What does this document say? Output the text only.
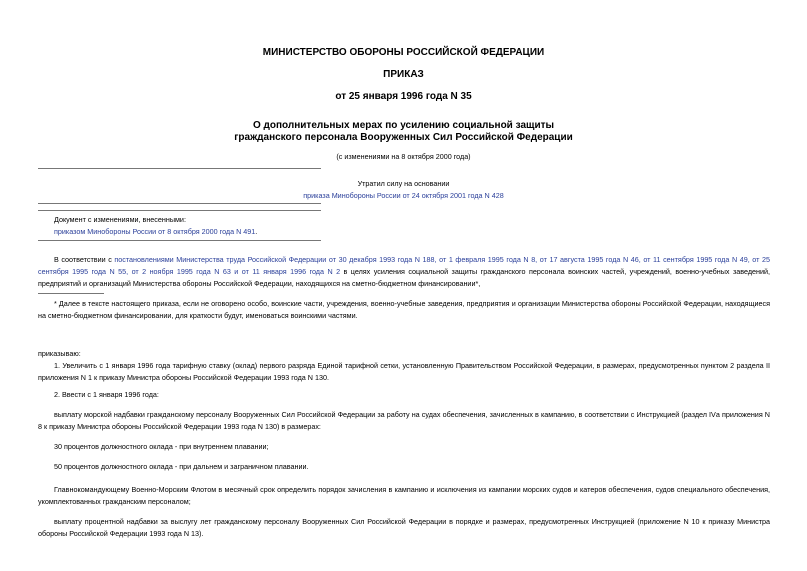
МИНИСТЕРСТВО ОБОРОНЫ РОССИЙСКОЙ ФЕДЕРАЦИИ
ПРИКАЗ
от 25 января 1996 года N 35
О дополнительных мерах по усилению социальной защиты
гражданского персонала Вооруженных Сил Российской Федерации
(с изменениями на 8 октября 2000 года)
Утратил силу на основании
приказа Минобороны России от 24 октября 2001 года N 428
Документ с изменениями, внесенными:
приказом Минобороны России от 8 октября 2000 года N 491.
В соответствии с постановлениями Министерства труда Российской Федерации от 30 декабря 1993 года N 188, от 1 февраля 1995 года N 8, от 17 августа 1995 года N 46, от 11 сентября 1995 года N 49, от 25 сентября 1995 года N 55, от 2 ноября 1995 года N 63 и от 11 января 1996 года N 2 в целях усиления социальной защиты гражданского персонала воинских частей, учреждений, военно-учебных заведений, предприятий и организаций Министерства обороны Российской Федерации, находящихся на сметно-бюджетном финансировании*,
* Далее в тексте настоящего приказа, если не оговорено особо, воинские части, учреждения, военно-учебные заведения, предприятия и организации Министерства обороны Российской Федерации, находящиеся на сметно-бюджетном финансировании, для краткости будут, именоваться воинскими частями.
приказываю:
1. Увеличить с 1 января 1996 года тарифную ставку (оклад) первого разряда Единой тарифной сетки, установленную Правительством Российской Федерации, в размерах, предусмотренных пунктом 2 раздела II приложения N 1 к приказу Министра обороны Российской Федерации 1993 года N 130.
2. Ввести с 1 января 1996 года:
выплату морской надбавки гражданскому персоналу Вооруженных Сил Российской Федерации за работу на судах обеспечения, зачисленных в кампанию, в соответствии с Инструкцией (раздел IVа приложения N 8 к приказу Министра обороны Российской Федерации 1993 года N 130) в размерах:
30 процентов должностного оклада - при внутреннем плавании;
50 процентов должностного оклада - при дальнем и заграничном плавании.
Главнокомандующему Военно-Морским Флотом в месячный срок определить порядок зачисления в кампанию и исключения из кампании морских судов и катеров обеспечения, судов специального обеспечения, укомплектованных гражданским персоналом;
выплату процентной надбавки за выслугу лет гражданскому персоналу Вооруженных Сил Российской Федерации в порядке и размерах, предусмотренных Инструкцией (приложение N 10 к приказу Министра обороны Российской Федерации 1993 года N 13).
